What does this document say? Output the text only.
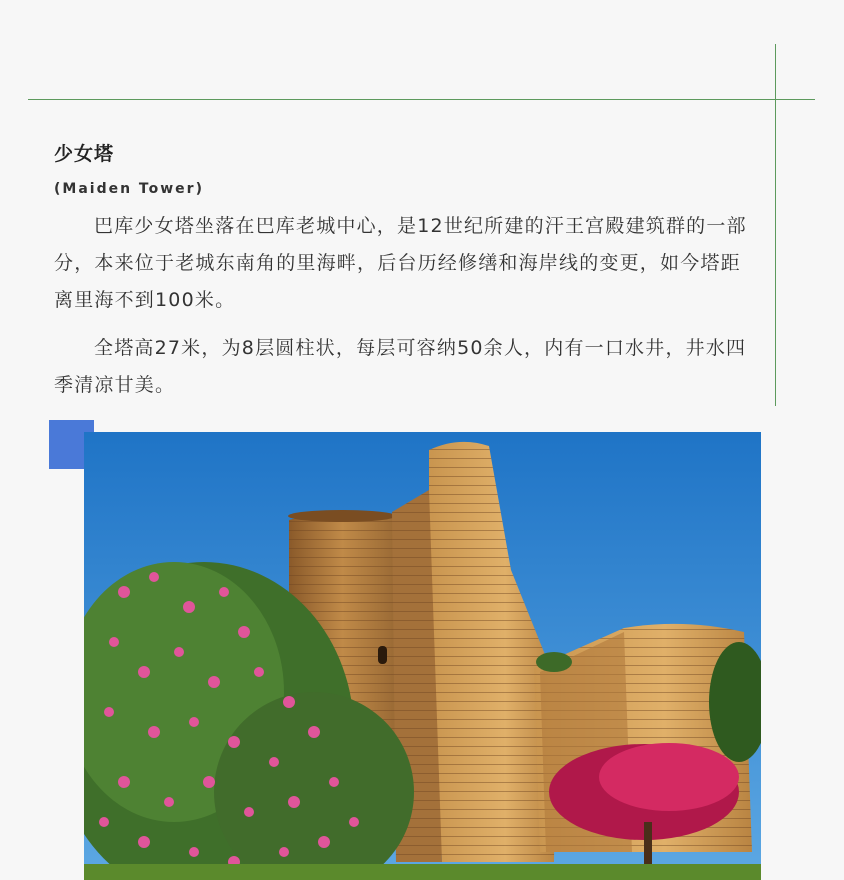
少女塔
(Maiden Tower)

巴库少女塔坐落在巴库老城中心，是12世纪所建的汗王宫殿建筑群的一部分，本来位于老城东南角的里海畔，后台历经修缮和海岸线的变更，如今塔距离里海不到100米。

全塔高27米，为8层圆柱状，每层可容纳50余人，内有一口水井，井水四季清凉甘美。
